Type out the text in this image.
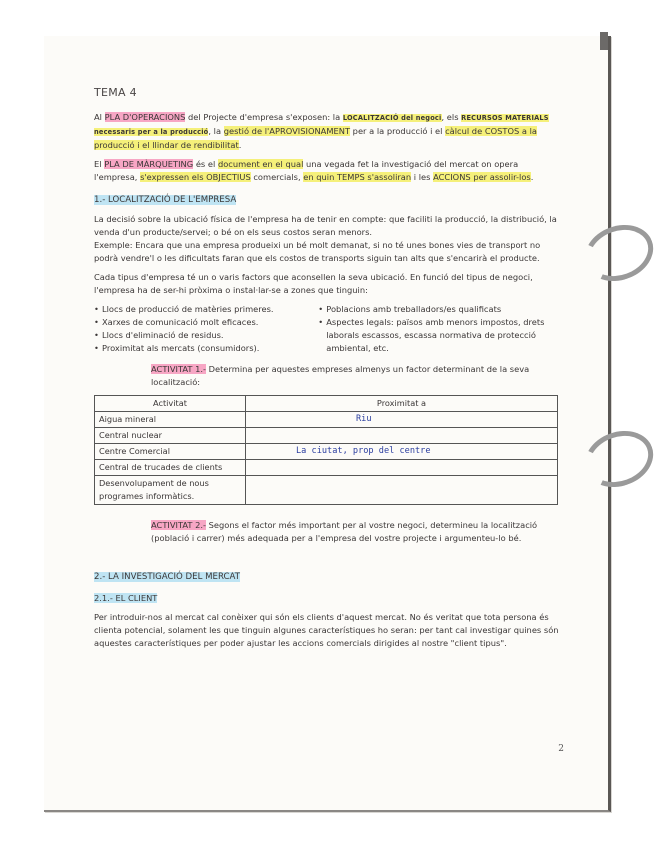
TEMA 4

Al PLA D'OPERACIONS del Projecte d'empresa s'exposen: la LOCALITZACIÓ del negoci, els RECURSOS MATERIALS necessaris per a la producció, la gestió de l'APROVISIONAMENT per a la producció i el càlcul de COSTOS a la producció i el llindar de rendibilitat.

El PLA DE MÀRQUETING és el document en el qual una vegada fet la investigació del mercat on opera l'empresa, s'expressen els OBJECTIUS comercials, en quin TEMPS s'assoliran i les ACCIONS per assolir-los.

1.- LOCALITZACIÓ DE L'EMPRESA

La decisió sobre la ubicació física de l'empresa ha de tenir en compte: que faciliti la producció, la distribució, la venda d'un producte/servei; o bé on els seus costos seran menors.

Exemple: Encara que una empresa produeixi un bé molt demanat, si no té unes bones vies de transport no podrà vendre'l o les dificultats faran que els costos de transports siguin tan alts que s'encarirà el producte.

Cada tipus d'empresa té un o varis factors que aconsellen la seva ubicació. En funció del tipus de negoci, l'empresa ha de ser-hi pròxima o instal·lar-se a zones que tinguin:

• Llocs de producció de matèries primeres.
• Xarxes de comunicació molt eficaces.
• Llocs d'eliminació de residus.
• Proximitat als mercats (consumidors).
• Poblacions amb treballadors/es qualificats
• Aspectes legals: països amb menors impostos, drets laborals escassos, escassa normativa de protecció ambiental, etc.
ACTIVITAT 1.- Determina per aquestes empreses almenys un factor determinant de la seva localització:
Activitat	Proximitat a
Aigua mineral	Riu
Central nuclear	
Centre Comercial	La ciutat, prop del centre
Central de trucades de clients	
Desenvolupament de nous programes informàtics.	
ACTIVITAT 2.- Segons el factor més important per al vostre negoci, determineu la localització (població i carrer) més adequada per a l'empresa del vostre projecte i argumenteu-lo bé.
2.- LA INVESTIGACIÓ DEL MERCAT
2.1.- EL CLIENT

Per introduir-nos al mercat cal conèixer qui són els clients d'aquest mercat. No és veritat que tota persona és clienta potencial, solament les que tinguin algunes característiques ho seran: per tant cal investigar quines són aquestes característiques per poder ajustar les accions comercials dirigides al nostre "client tipus".

2
